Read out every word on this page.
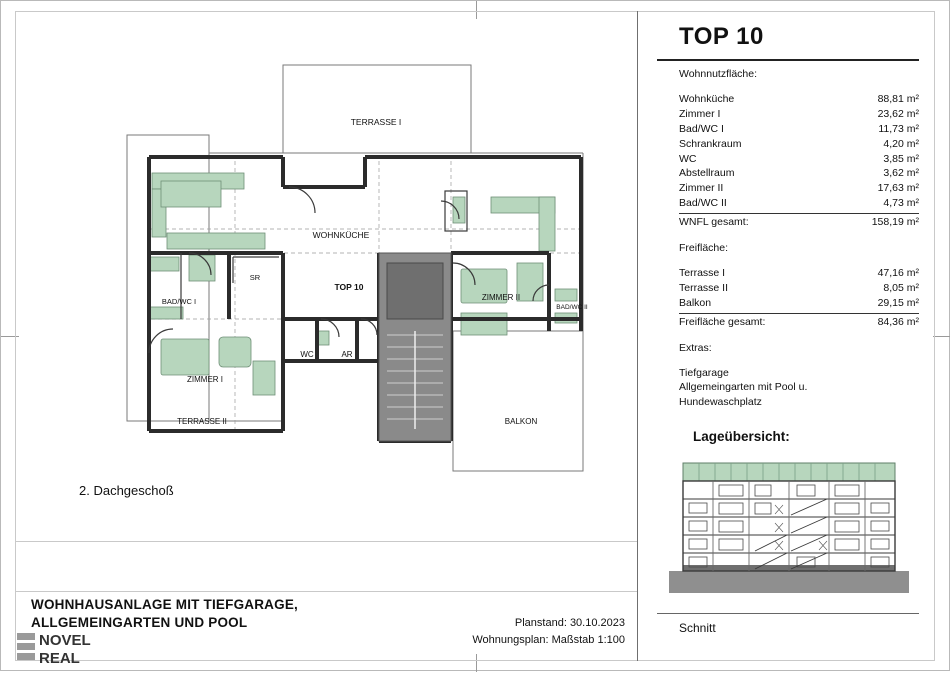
TERRASSE I
WOHNKÜCHE
SR
TOP 10
ZIMMER II
BAD/WC II
BAD/WC I
WC	AR
ZIMMER I
TERRASSE II	BALKON
2. Dachgeschoß
TOP 10
Wohnnutzfläche:
Wohnküche	88,81 m²
Zimmer I	23,62 m²
Bad/WC I	11,73 m²
Schrankraum	4,20 m²
WC	3,85 m²
Abstellraum	3,62 m²
Zimmer II	17,63 m²
Bad/WC II	4,73 m²
WNFL gesamt:	158,19 m²
Freifläche:
Terrasse I	47,16 m²
Terrasse II	8,05 m²
Balkon	29,15 m²
Freifläche gesamt:	84,36 m²
Extras:
Tiefgarage
Allgemeingarten mit Pool u.
Hundewaschplatz
Lageübersicht:
Schnitt
WOHNHAUSANLAGE MIT TIEFGARAGE,
ALLGEMEINGARTEN UND POOL	Planstand: 30.10.2023
Wohnungsplan: Maßstab 1:100
NOVEL
REAL
